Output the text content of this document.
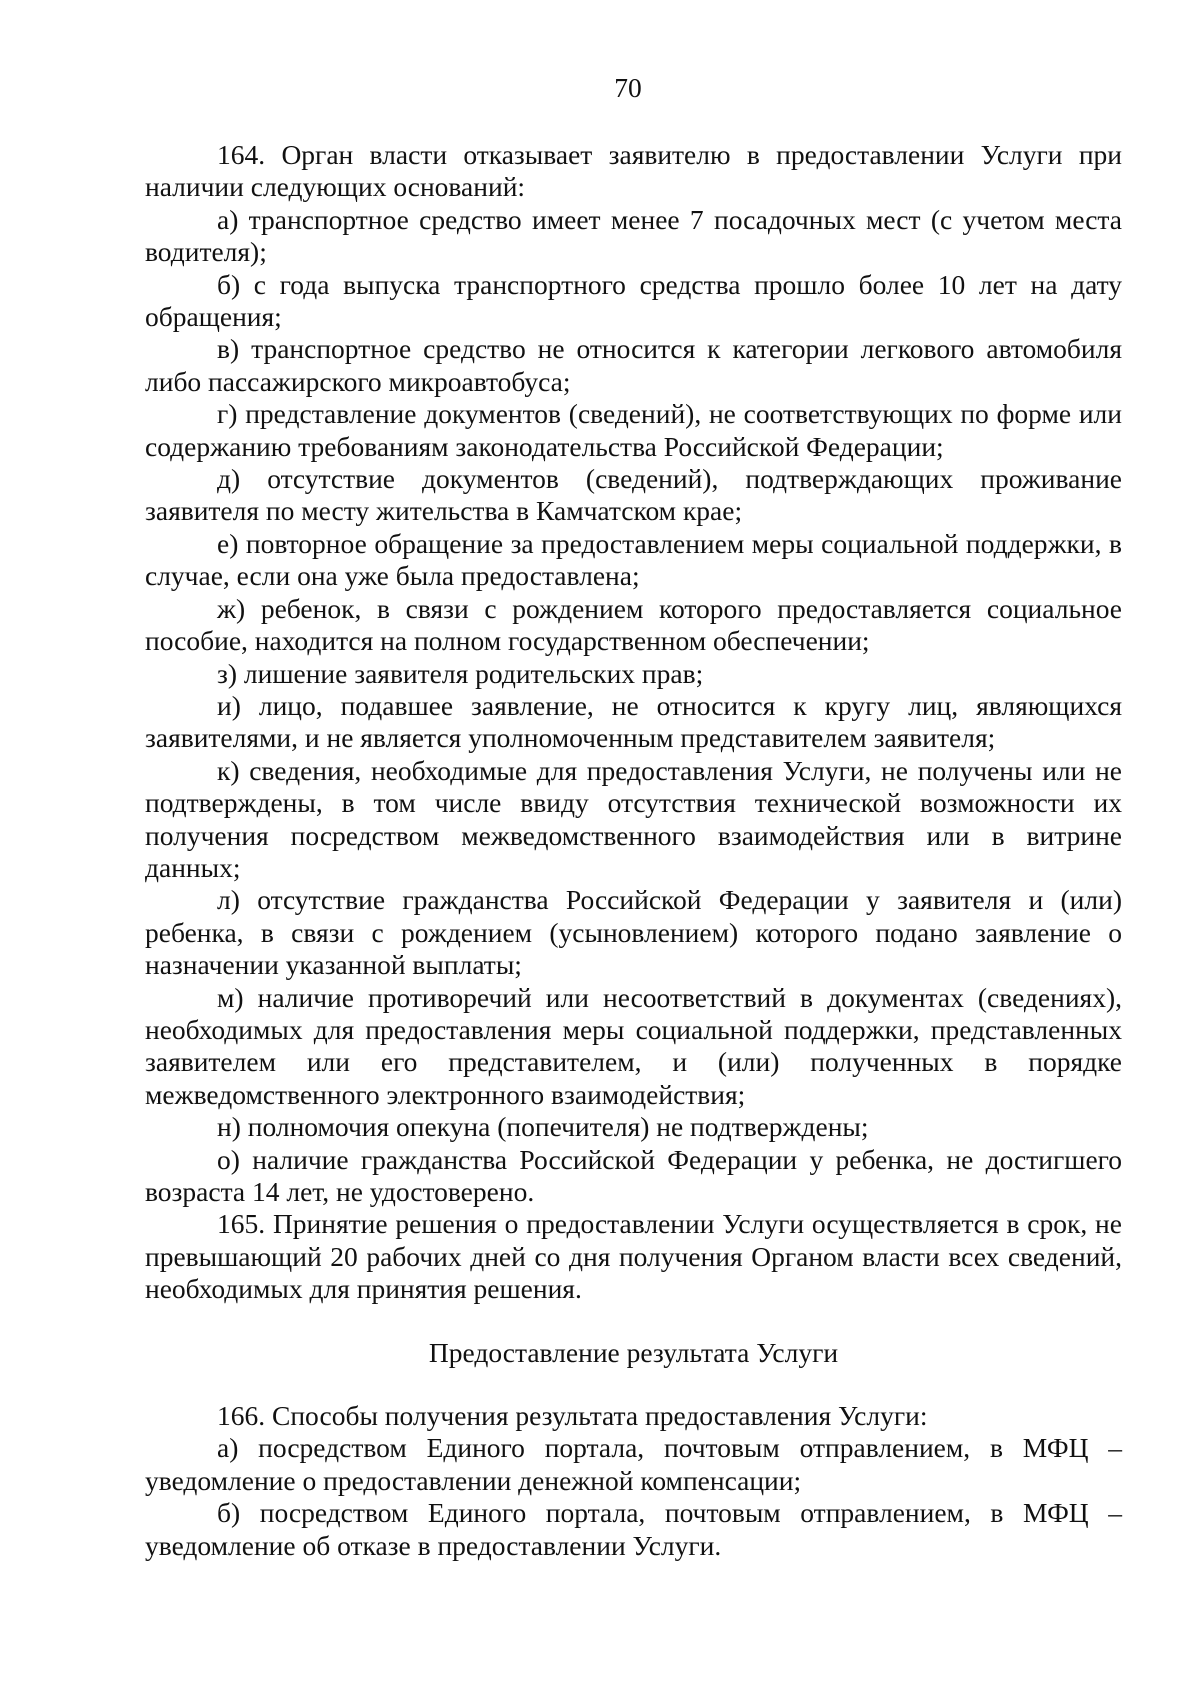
70

164. Орган власти отказывает заявителю в предоставлении Услуги при наличии следующих оснований:

а) транспортное средство имеет менее 7 посадочных мест (с учетом места водителя);

б) с года выпуска транспортного средства прошло более 10 лет на дату обращения;

в) транспортное средство не относится к категории легкового автомобиля либо пассажирского микроавтобуса;

г) представление документов (сведений), не соответствующих по форме или содержанию требованиям законодательства Российской Федерации;

д) отсутствие документов (сведений), подтверждающих проживание заявителя по месту жительства в Камчатском крае;

е) повторное обращение за предоставлением меры социальной поддержки, в случае, если она уже была предоставлена;

ж) ребенок, в связи с рождением которого предоставляется социальное пособие, находится на полном государственном обеспечении;

з) лишение заявителя родительских прав;

и) лицо, подавшее заявление, не относится к кругу лиц, являющихся заявителями, и не является уполномоченным представителем заявителя;

к) сведения, необходимые для предоставления Услуги, не получены или не подтверждены, в том числе ввиду отсутствия технической возможности их получения посредством межведомственного взаимодействия или в витрине данных;

л) отсутствие гражданства Российской Федерации у заявителя и (или) ребенка, в связи с рождением (усыновлением) которого подано заявление о назначении указанной выплаты;

м) наличие противоречий или несоответствий в документах (сведениях), необходимых для предоставления меры социальной поддержки, представленных заявителем или его представителем, и (или) полученных в порядке межведомственного электронного взаимодействия;

н) полномочия опекуна (попечителя) не подтверждены;

о) наличие гражданства Российской Федерации у ребенка, не достигшего возраста 14 лет, не удостоверено.

165. Принятие решения о предоставлении Услуги осуществляется в срок, не превышающий 20 рабочих дней со дня получения Органом власти всех сведений, необходимых для принятия решения.

Предоставление результата Услуги

166. Способы получения результата предоставления Услуги:

а) посредством Единого портала, почтовым отправлением, в МФЦ – уведомление о предоставлении денежной компенсации;

б) посредством Единого портала, почтовым отправлением, в МФЦ – уведомление об отказе в предоставлении Услуги.
